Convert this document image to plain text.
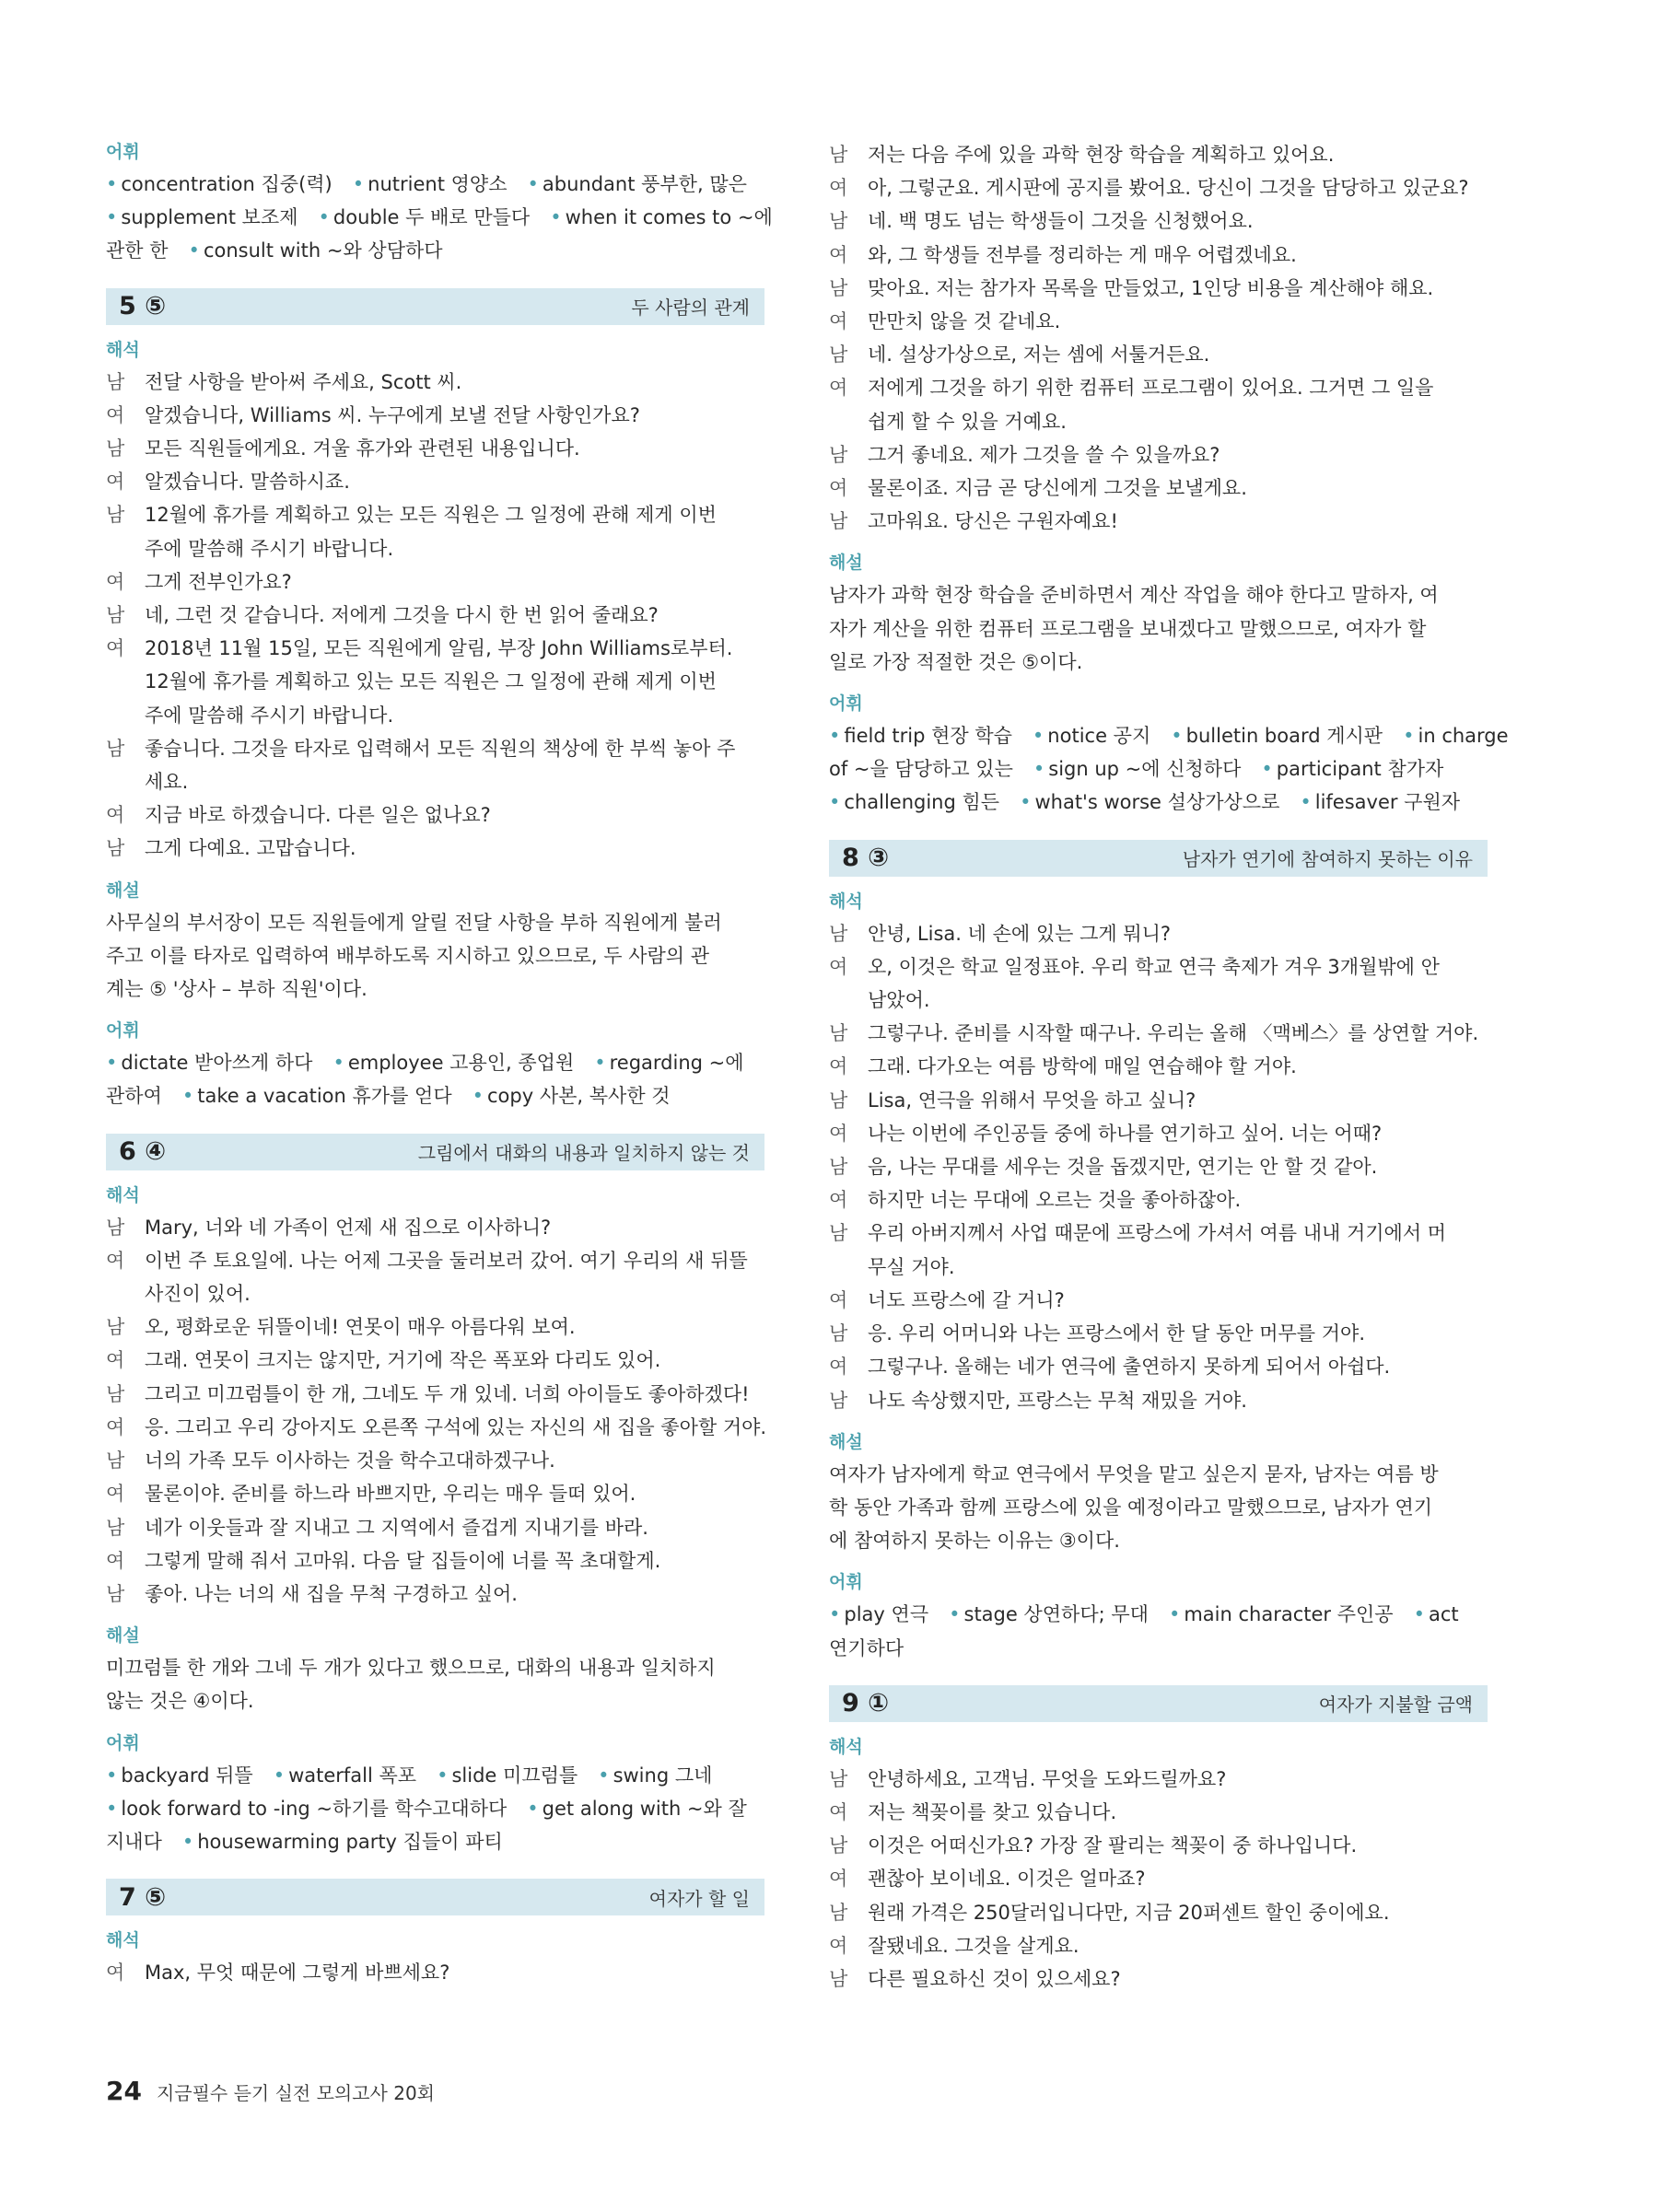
어휘
• concentration 집중(력) • nutrient 영양소 • abundant 풍부한, 많은
• supplement 보조제 • double 두 배로 만들다 • when it comes to ~에
관한 한 • consult with ~와 상담하다
5 ⑤	두 사람의 관계
해석
남	전달 사항을 받아써 주세요, Scott 씨.
여	알겠습니다, Williams 씨. 누구에게 보낼 전달 사항인가요?
남	모든 직원들에게요. 겨울 휴가와 관련된 내용입니다.
여	알겠습니다. 말씀하시죠.
남	12월에 휴가를 계획하고 있는 모든 직원은 그 일정에 관해 제게 이번
주에 말씀해 주시기 바랍니다.
여	그게 전부인가요?
남	네, 그런 것 같습니다. 저에게 그것을 다시 한 번 읽어 줄래요?
여	2018년 11월 15일, 모든 직원에게 알림, 부장 John Williams로부터.
12월에 휴가를 계획하고 있는 모든 직원은 그 일정에 관해 제게 이번
주에 말씀해 주시기 바랍니다.
남	좋습니다. 그것을 타자로 입력해서 모든 직원의 책상에 한 부씩 놓아 주
세요.
여	지금 바로 하겠습니다. 다른 일은 없나요?
남	그게 다예요. 고맙습니다.
해설
사무실의 부서장이 모든 직원들에게 알릴 전달 사항을 부하 직원에게 불러
주고 이를 타자로 입력하여 배부하도록 지시하고 있으므로, 두 사람의 관
계는 ⑤ '상사 – 부하 직원'이다.
어휘
• dictate 받아쓰게 하다 • employee 고용인, 종업원 • regarding ~에
관하여 • take a vacation 휴가를 얻다 • copy 사본, 복사한 것
6 ④	그림에서 대화의 내용과 일치하지 않는 것
해석
남	Mary, 너와 네 가족이 언제 새 집으로 이사하니?
여	이번 주 토요일에. 나는 어제 그곳을 둘러보러 갔어. 여기 우리의 새 뒤뜰
사진이 있어.
남	오, 평화로운 뒤뜰이네! 연못이 매우 아름다워 보여.
여	그래. 연못이 크지는 않지만, 거기에 작은 폭포와 다리도 있어.
남	그리고 미끄럼틀이 한 개, 그네도 두 개 있네. 너희 아이들도 좋아하겠다!
여	응. 그리고 우리 강아지도 오른쪽 구석에 있는 자신의 새 집을 좋아할 거야.
남	너의 가족 모두 이사하는 것을 학수고대하겠구나.
여	물론이야. 준비를 하느라 바쁘지만, 우리는 매우 들떠 있어.
남	네가 이웃들과 잘 지내고 그 지역에서 즐겁게 지내기를 바라.
여	그렇게 말해 줘서 고마워. 다음 달 집들이에 너를 꼭 초대할게.
남	좋아. 나는 너의 새 집을 무척 구경하고 싶어.
해설
미끄럼틀 한 개와 그네 두 개가 있다고 했으므로, 대화의 내용과 일치하지
않는 것은 ④이다.
어휘
• backyard 뒤뜰 • waterfall 폭포 • slide 미끄럼틀 • swing 그네
• look forward to -ing ~하기를 학수고대하다 • get along with ~와 잘
지내다 • housewarming party 집들이 파티
7 ⑤	여자가 할 일
해석
여	Max, 무엇 때문에 그렇게 바쁘세요?
남	저는 다음 주에 있을 과학 현장 학습을 계획하고 있어요.
여	아, 그렇군요. 게시판에 공지를 봤어요. 당신이 그것을 담당하고 있군요?
남	네. 백 명도 넘는 학생들이 그것을 신청했어요.
여	와, 그 학생들 전부를 정리하는 게 매우 어렵겠네요.
남	맞아요. 저는 참가자 목록을 만들었고, 1인당 비용을 계산해야 해요.
여	만만치 않을 것 같네요.
남	네. 설상가상으로, 저는 셈에 서툴거든요.
여	저에게 그것을 하기 위한 컴퓨터 프로그램이 있어요. 그거면 그 일을
쉽게 할 수 있을 거예요.
남	그거 좋네요. 제가 그것을 쓸 수 있을까요?
여	물론이죠. 지금 곧 당신에게 그것을 보낼게요.
남	고마워요. 당신은 구원자예요!
해설
남자가 과학 현장 학습을 준비하면서 계산 작업을 해야 한다고 말하자, 여
자가 계산을 위한 컴퓨터 프로그램을 보내겠다고 말했으므로, 여자가 할
일로 가장 적절한 것은 ⑤이다.
어휘
• field trip 현장 학습 • notice 공지 • bulletin board 게시판 • in charge
of ~을 담당하고 있는 • sign up ~에 신청하다 • participant 참가자
• challenging 힘든 • what's worse 설상가상으로 • lifesaver 구원자
8 ③	남자가 연기에 참여하지 못하는 이유
해석
남	안녕, Lisa. 네 손에 있는 그게 뭐니?
여	오, 이것은 학교 일정표야. 우리 학교 연극 축제가 겨우 3개월밖에 안
남았어.
남	그렇구나. 준비를 시작할 때구나. 우리는 올해 〈맥베스〉를 상연할 거야.
여	그래. 다가오는 여름 방학에 매일 연습해야 할 거야.
남	Lisa, 연극을 위해서 무엇을 하고 싶니?
여	나는 이번에 주인공들 중에 하나를 연기하고 싶어. 너는 어때?
남	음, 나는 무대를 세우는 것을 돕겠지만, 연기는 안 할 것 같아.
여	하지만 너는 무대에 오르는 것을 좋아하잖아.
남	우리 아버지께서 사업 때문에 프랑스에 가셔서 여름 내내 거기에서 머
무실 거야.
여	너도 프랑스에 갈 거니?
남	응. 우리 어머니와 나는 프랑스에서 한 달 동안 머무를 거야.
여	그렇구나. 올해는 네가 연극에 출연하지 못하게 되어서 아쉽다.
남	나도 속상했지만, 프랑스는 무척 재밌을 거야.
해설
여자가 남자에게 학교 연극에서 무엇을 맡고 싶은지 묻자, 남자는 여름 방
학 동안 가족과 함께 프랑스에 있을 예정이라고 말했으므로, 남자가 연기
에 참여하지 못하는 이유는 ③이다.
어휘
• play 연극 • stage 상연하다; 무대 • main character 주인공 • act
연기하다
9 ①	여자가 지불할 금액
해석
남	안녕하세요, 고객님. 무엇을 도와드릴까요?
여	저는 책꽂이를 찾고 있습니다.
남	이것은 어떠신가요? 가장 잘 팔리는 책꽂이 중 하나입니다.
여	괜찮아 보이네요. 이것은 얼마죠?
남	원래 가격은 250달러입니다만, 지금 20퍼센트 할인 중이에요.
여	잘됐네요. 그것을 살게요.
남	다른 필요하신 것이 있으세요?
24 지금필수 듣기 실전 모의고사 20회
